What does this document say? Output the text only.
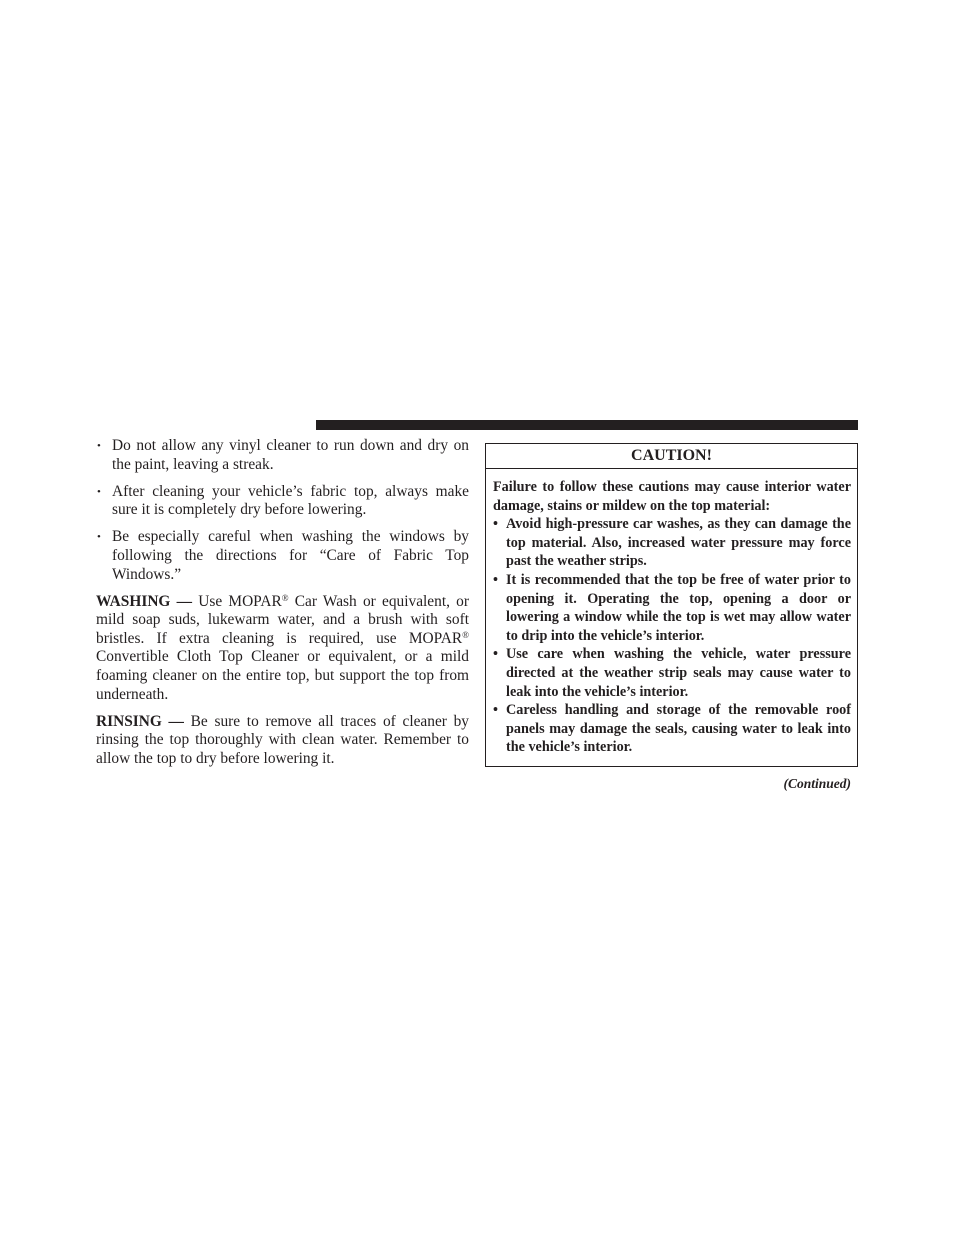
• Do not allow any vinyl cleaner to run down and dry on the paint, leaving a streak.
• After cleaning your vehicle’s fabric top, always make sure it is completely dry before lowering.
• Be especially careful when washing the windows by following the directions for “Care of Fabric Top Windows.”

WASHING — Use MOPAR® Car Wash or equivalent, or mild soap suds, lukewarm water, and a brush with soft bristles. If extra cleaning is required, use MOPAR® Convertible Cloth Top Cleaner or equivalent, or a mild foaming cleaner on the entire top, but support the top from underneath.

RINSING — Be sure to remove all traces of cleaner by rinsing the top thoroughly with clean water. Remember to allow the top to dry before lowering it.

CAUTION!

Failure to follow these cautions may cause interior water damage, stains or mildew on the top material:

• Avoid high-pressure car washes, as they can damage the top material. Also, increased water pressure may force past the weather strips.
• It is recommended that the top be free of water prior to opening it. Operating the top, opening a door or lowering a window while the top is wet may allow water to drip into the vehicle’s interior.
• Use care when washing the vehicle, water pressure directed at the weather strip seals may cause water to leak into the vehicle’s interior.
• Careless handling and storage of the removable roof panels may damage the seals, causing water to leak into the vehicle’s interior.
(Continued)
